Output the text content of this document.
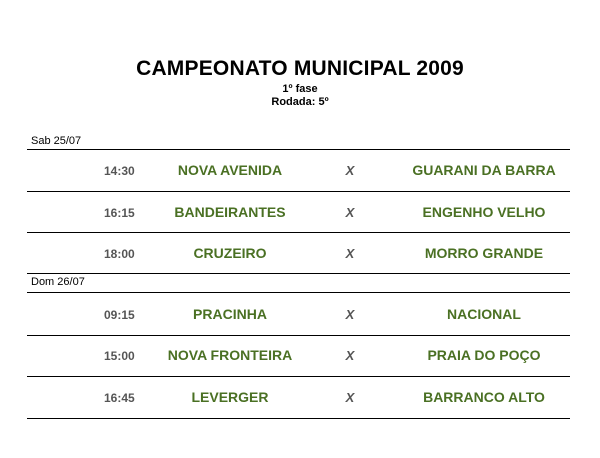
CAMPEONATO MUNICIPAL 2009
1º fase
Rodada: 5º
Sab 25/07
14:30	NOVA AVENIDA	X	GUARANI DA BARRA
16:15	BANDEIRANTES	X	ENGENHO VELHO
18:00	CRUZEIRO	X	MORRO GRANDE
Dom 26/07
09:15	PRACINHA	X	NACIONAL
15:00	NOVA FRONTEIRA	X	PRAIA DO POÇO
16:45	LEVERGER	X	BARRANCO ALTO
